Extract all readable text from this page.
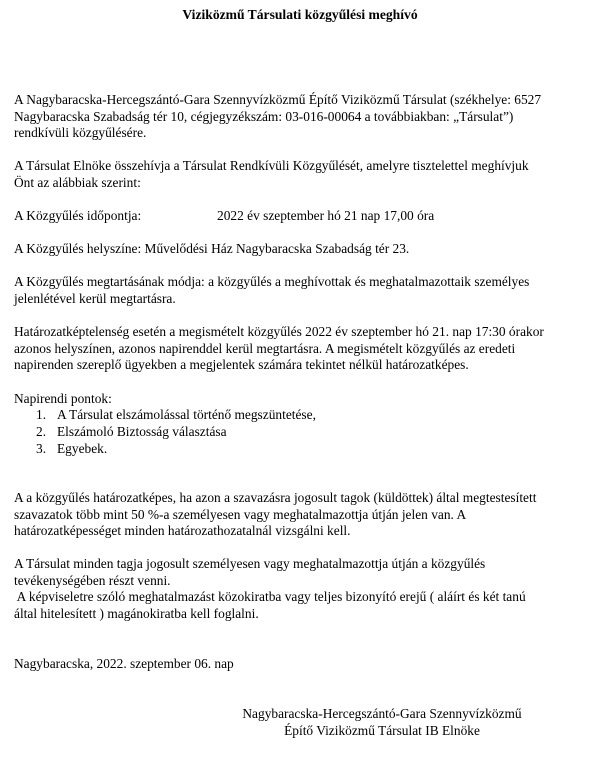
Viziközmű Társulati közgyűlési meghívó
A Nagybaracska-Hercegszántó-Gara Szennyvízközmű Építő Viziközmű Társulat (székhelye: 6527
Nagybaracska Szabadság tér 10, cégjegyzékszám: 03-016-00064 a továbbiakban: „Társulat”)
rendkívüli közgyűlésére.
A Társulat Elnöke összehívja a Társulat Rendkívüli Közgyűlését, amelyre tisztelettel meghívjuk
Önt az alábbiak szerint:
A Közgyűlés időpontja:	2022 év szeptember hó 21 nap 17,00 óra
A Közgyűlés helyszíne: Művelődési Ház Nagybaracska Szabadság tér 23.
A Közgyűlés megtartásának módja: a közgyűlés a meghívottak és meghatalmazottaik személyes
jelenlétével kerül megtartásra.
Határozatképtelenség esetén a megismételt közgyűlés 2022 év szeptember hó 21. nap 17:30 órakor
azonos helyszínen, azonos napirenddel kerül megtartásra. A megismételt közgyűlés az eredeti
napirenden szereplő ügyekben a megjelentek számára tekintet nélkül határozatképes.
Napirendi pontok:
1. A Társulat elszámolással történő megszüntetése,
2. Elszámoló Biztosság választása
3. Egyebek.
A a közgyűlés határozatképes, ha azon a szavazásra jogosult tagok (küldöttek) által megtestesített
szavazatok több mint 50 %-a személyesen vagy meghatalmazottja útján jelen van. A
határozatképességet minden határozathozatalnál vizsgálni kell.
A Társulat minden tagja jogosult személyesen vagy meghatalmazottja útján a közgyűlés
tevékenységében részt venni.
A képviseletre szóló meghatalmazást közokiratba vagy teljes bizonyító erejű ( aláírt és két tanú
által hitelesített ) magánokiratba kell foglalni.
Nagybaracska, 2022. szeptember 06. nap
Nagybaracska-Hercegszántó-Gara Szennyvízközmű
Építő Viziközmű Társulat IB Elnöke
